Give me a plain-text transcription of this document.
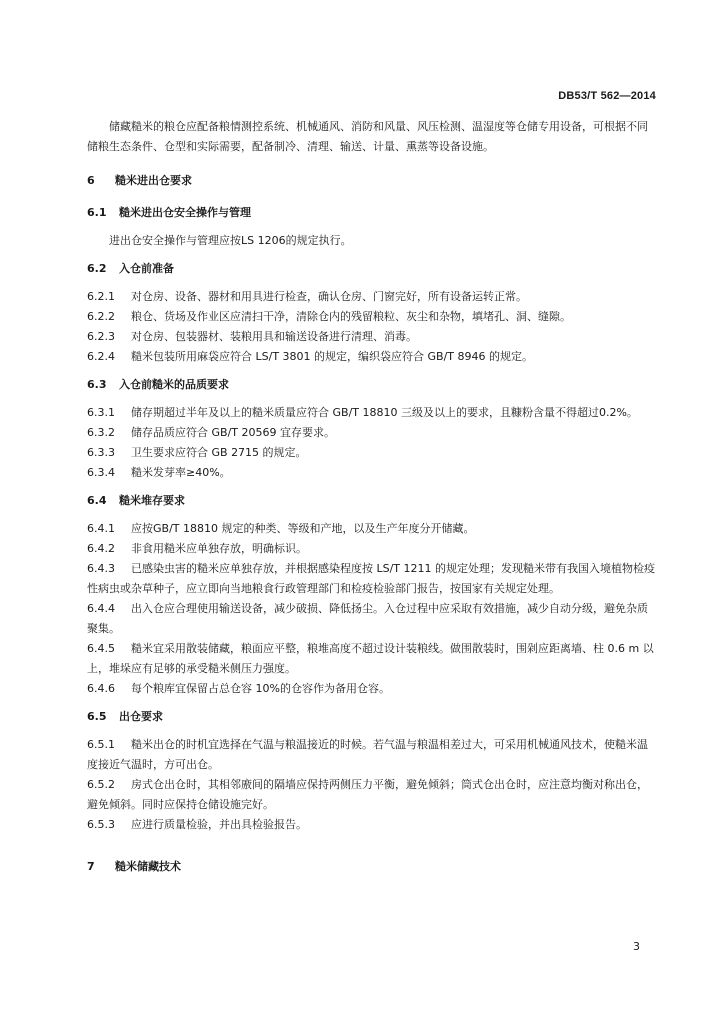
DB53/T 562—2014

储藏糙米的粮仓应配备粮情测控系统、机械通风、消防和风量、风压检测、温湿度等仓储专用设备，可根据不同储粮生态条件、仓型和实际需要，配备制冷、清理、输送、计量、熏蒸等设备设施。

6 糙米进出仓要求

6.1 糙米进出仓安全操作与管理

进出仓安全操作与管理应按LS 1206的规定执行。

6.2 入仓前准备

6.2.1 对仓房、设备、器材和用具进行检查，确认仓房、门窗完好，所有设备运转正常。

6.2.2 粮仓、货场及作业区应清扫干净，清除仓内的残留粮粒、灰尘和杂物，填堵孔、洞、缝隙。

6.2.3 对仓房、包装器材、装粮用具和输送设备进行清理、消毒。

6.2.4 糙米包装所用麻袋应符合 LS/T 3801 的规定，编织袋应符合 GB/T 8946 的规定。

6.3 入仓前糙米的品质要求

6.3.1 储存期超过半年及以上的糙米质量应符合 GB/T 18810 三级及以上的要求，且糠粉含量不得超过0.2%。

6.3.2 储存品质应符合 GB/T 20569 宜存要求。

6.3.3 卫生要求应符合 GB 2715 的规定。

6.3.4 糙米发芽率≥40%。

6.4 糙米堆存要求

6.4.1 应按GB/T 18810 规定的种类、等级和产地，以及生产年度分开储藏。

6.4.2 非食用糙米应单独存放，明确标识。

6.4.3 已感染虫害的糙米应单独存放，并根据感染程度按 LS/T 1211 的规定处理；发现糙米带有我国入境植物检疫性病虫或杂草种子，应立即向当地粮食行政管理部门和检疫检验部门报告，按国家有关规定处理。

6.4.4 出入仓应合理使用输送设备，减少破损、降低扬尘。入仓过程中应采取有效措施，减少自动分级，避免杂质聚集。

6.4.5 糙米宜采用散装储藏，粮面应平整，粮堆高度不超过设计装粮线。做围散装时，围剁应距离墙、柱 0.6 m 以上，堆垛应有足够的承受糙米侧压力强度。

6.4.6 每个粮库宜保留占总仓容 10%的仓容作为备用仓容。

6.5 出仓要求

6.5.1 糙米出仓的时机宜选择在气温与粮温接近的时候。若气温与粮温相差过大，可采用机械通风技术，使糙米温度接近气温时，方可出仓。

6.5.2 房式仓出仓时，其相邻廒间的隔墙应保持两侧压力平衡，避免倾斜；筒式仓出仓时，应注意均衡对称出仓，避免倾斜。同时应保持仓储设施完好。

6.5.3 应进行质量检验，并出具检验报告。

7 糙米储藏技术

3
